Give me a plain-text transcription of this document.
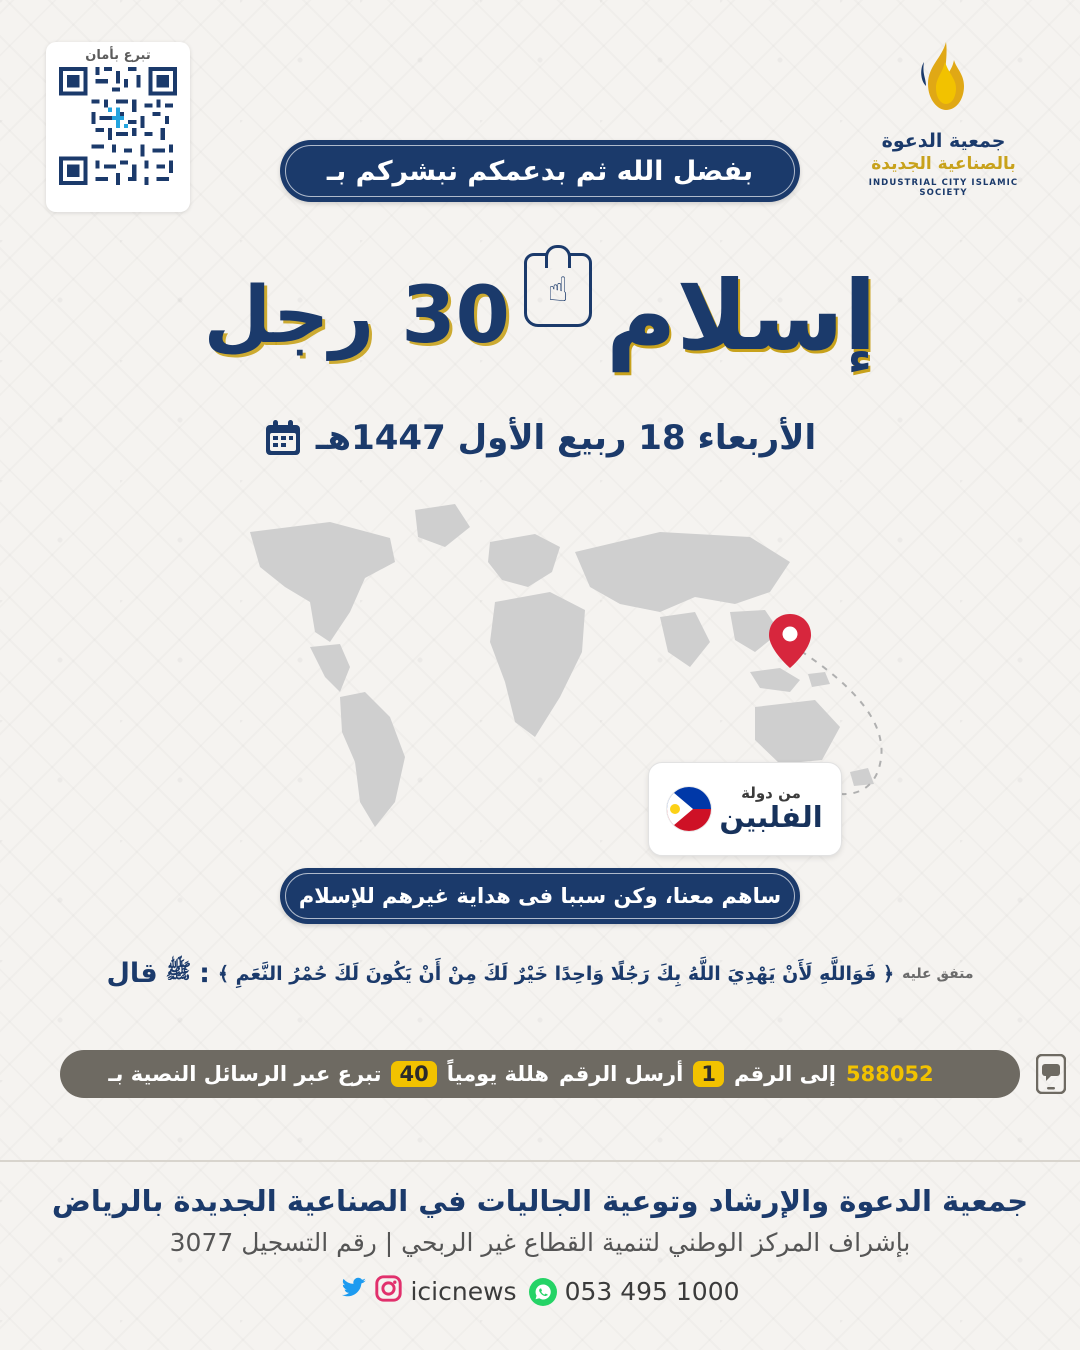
تبرع بأمان
جمعية الدعوة
بالصناعية الجديدة
INDUSTRIAL CITY ISLAMIC SOCIETY
بفضل الله ثم بدعمكم نبشركم بـ
إسلام
☝
30 رجل
الأربعاء 18 ربيع الأول 1447هـ
من دولة
الفلبين
ساهم معنا، وكن سببا فى هداية غيرهم للإسلام
متفق عليه
﴿ فَوَاللَّهِ لَأَنْ يَهْدِيَ اللَّهُ بِكَ رَجُلًا وَاحِدًا خَيْرٌ لَكَ مِنْ أَنْ يَكُونَ لَكَ حُمْرُ النَّعَمِ ﴾
:
ﷺ
قال
588052
إلى الرقم
1
أرسل الرقم
هللة يومياً
40
تبرع عبر الرسائل النصية بـ
جمعية الدعوة والإرشاد وتوعية الجاليات في الصناعية الجديدة بالرياض
بإشراف المركز الوطني لتنمية القطاع غير الربحي | رقم التسجيل 3077
icicnews 053 495 1000
